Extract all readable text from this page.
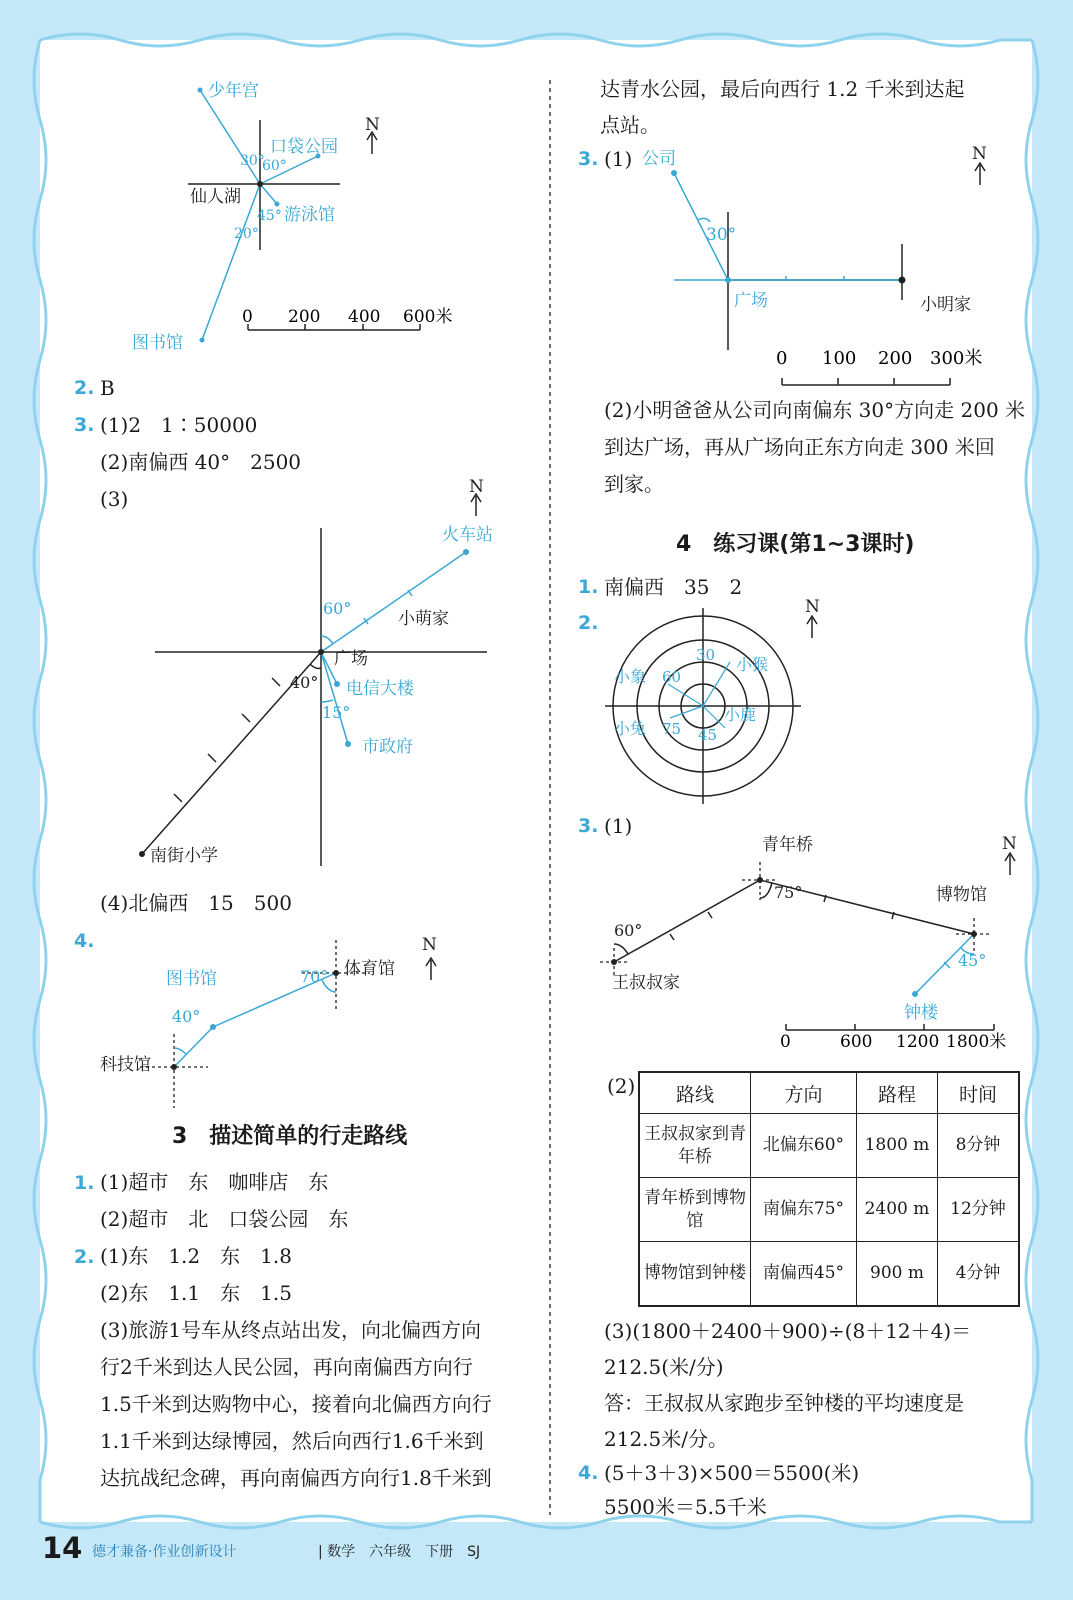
少年宫
口袋公园
仙人湖
游泳馆
图书馆
30°
60°
45°
20°
N
0 200 400 600米
2. B
3. (1)2　1∶50000
(2)南偏西 40°　2500
(3)
火车站
小萌家
广场
电信大楼
市政府
南街小学
60°
40°
15°
N
(4)北偏西　15　500
4.
图书馆	体育馆
科技馆
70°
40°
N
3　描述简单的行走路线
1. (1)超市　东　咖啡店　东
(2)超市　北　口袋公园　东
2. (1)东　1.2　东　1.8
(2)东　1.1　东　1.5
(3)旅游1号车从终点站出发，向北偏西方向
行2千米到达人民公园，再向南偏西方向行
1.5千米到达购物中心，接着向北偏西方向行
1.1千米到达绿博园，然后向西行1.6千米到
达抗战纪念碑，再向南偏西方向行1.8千米到
达青水公园，最后向西行 1.2 千米到达起
点站。
3. (1) 公司
广场	小明家
30°
N
0 100 200 300米
(2)小明爸爸从公司向南偏东 30°方向走 200 米
到达广场，再从广场向正东方向走 300 米回
到家。
4　练习课(第1~3课时)
1. 南偏西　35　2
2.
小象
小猴
小兔
小鹿
30
60
75 45
N
3. (1)
青年桥
博物馆
王叔叔家
钟楼
75°
60°
45°
N
0	600 1200 1800米
(2) 路线	方向	路程	时间
王叔叔家到青年桥	北偏东60°	1800 m	8分钟
青年桥到博物馆	南偏东75°	2400 m	12分钟
博物馆到钟楼	南偏西45°	900 m	4分钟
(3)(1800＋2400＋900)÷(8＋12＋4)＝
212.5(米/分)
答：王叔叔从家跑步至钟楼的平均速度是
212.5米/分。
4. (5＋3＋3)×500＝5500(米)
5500米＝5.5千米
14 德才兼备·作业创新设计	| 数学　六年级　下册　SJ
